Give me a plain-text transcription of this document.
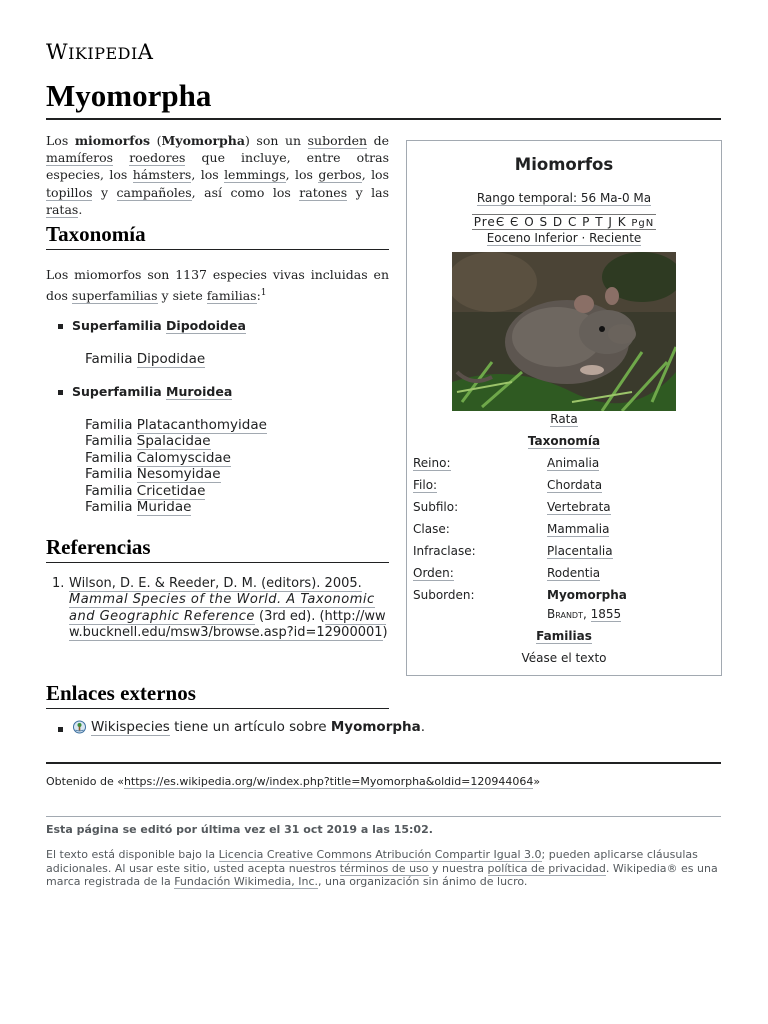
WIKIPEDIA
Myomorpha

Los miomorfos (Myomorpha) son un suborden de mamíferos roedores que incluye, entre otras especies, los hámsters, los lemmings, los gerbos, los topillos y campañoles, así como los ratones y las ratas.

Taxonomía

Los miomorfos son 1137 especies vivas incluidas en dos superfamilias y siete familias:$^1$

Superfamilia Dipodoidea
Familia Dipodidae
Superfamilia Muroidea
Familia Platacanthomyidae
Familia Spalacidae
Familia Calomyscidae
Familia Nesomyidae
Familia Cricetidae
Familia Muridae
Referencias
1. Wilson, D. E. & Reeder, D. M. (editors). 2005. Mammal Species of the World. A Taxonomic and Geographic Reference (3rd ed). (http://www.bucknell.edu/msw3/browse.asp?id=12900001)
Enlaces externos
Wikispecies tiene un artículo sobre Myomorpha.
Obtenido de «https://es.wikipedia.org/w/index.php?title=Myomorpha&oldid=120944064»
Esta página se editó por última vez el 31 oct 2019 a las 15:02.
El texto está disponible bajo la Licencia Creative Commons Atribución Compartir Igual 3.0; pueden aplicarse cláusulas adicionales. Al usar este sitio, usted acepta nuestros términos de uso y nuestra política de privacidad. Wikipedia® es una marca registrada de la Fundación Wikimedia, Inc., una organización sin ánimo de lucro.
Miomorfos
Rango temporal: 56 Ma-0 Ma
PreЄ Є O S D C P T J K PgN
Eoceno Inferior · Reciente
Rata
Taxonomía
Reino:	Animalia
Filo:	Chordata
Subfilo:	Vertebrata
Clase:	Mammalia
Infraclase:	Placentalia
Orden:	Rodentia
Suborden:	Myomorpha
Brandt, 1855
Familias
Véase el texto
